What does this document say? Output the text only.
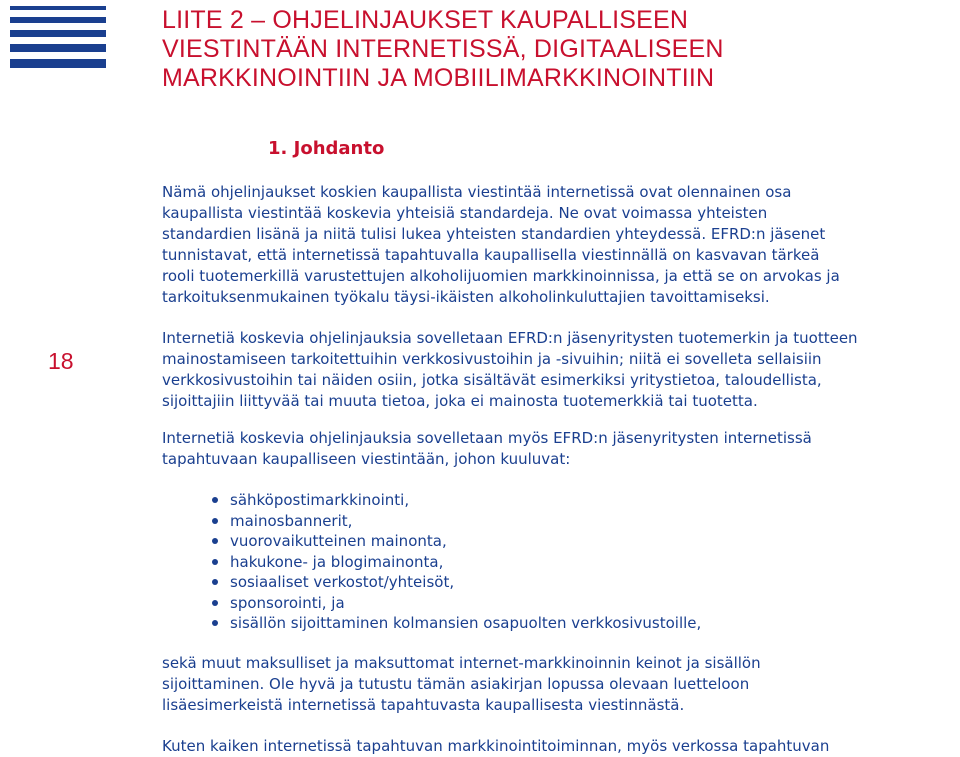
LIITE 2 – OHJELINJAUKSET KAUPALLISEEN
VIESTINTÄÄN INTERNETISSÄ, DIGITAALISEEN
MARKKINOINTIIN JA MOBIILIMARKKINOINTIIN
1. Johdanto

Nämä ohjelinjaukset koskien kaupallista viestintää internetissä ovat olennainen osa
kaupallista viestintää koskevia yhteisiä standardeja. Ne ovat voimassa yhteisten
standardien lisänä ja niitä tulisi lukea yhteisten standardien yhteydessä. EFRD:n jäsenet
tunnistavat, että internetissä tapahtuvalla kaupallisella viestinnällä on kasvavan tärkeä
rooli tuotemerkillä varustettujen alkoholijuomien markkinoinnissa, ja että se on arvokas ja
tarkoituksenmukainen työkalu täysi-ikäisten alkoholinkuluttajien tavoittamiseksi.

18

Internetiä koskevia ohjelinjauksia sovelletaan EFRD:n jäsenyritysten tuotemerkin ja tuotteen
mainostamiseen tarkoitettuihin verkkosivustoihin ja -sivuihin; niitä ei sovelleta sellaisiin
verkkosivustoihin tai näiden osiin, jotka sisältävät esimerkiksi yritystietoa, taloudellista,
sijoittajiin liittyvää tai muuta tietoa, joka ei mainosta tuotemerkkiä tai tuotetta.

Internetiä koskevia ohjelinjauksia sovelletaan myös EFRD:n jäsenyritysten internetissä
tapahtuvaan kaupalliseen viestintään, johon kuuluvat:

sähköpostimarkkinointi,
mainosbannerit,
vuorovaikutteinen mainonta,
hakukone- ja blogimainonta,
sosiaaliset verkostot/yhteisöt,
sponsorointi, ja
sisällön sijoittaminen kolmansien osapuolten verkkosivustoille,

sekä muut maksulliset ja maksuttomat internet-markkinoinnin keinot ja sisällön
sijoittaminen. Ole hyvä ja tutustu tämän asiakirjan lopussa olevaan luetteloon
lisäesimerkeistä internetissä tapahtuvasta kaupallisesta viestinnästä.

Kuten kaiken internetissä tapahtuvan markkinointitoiminnan, myös verkossa tapahtuvan
